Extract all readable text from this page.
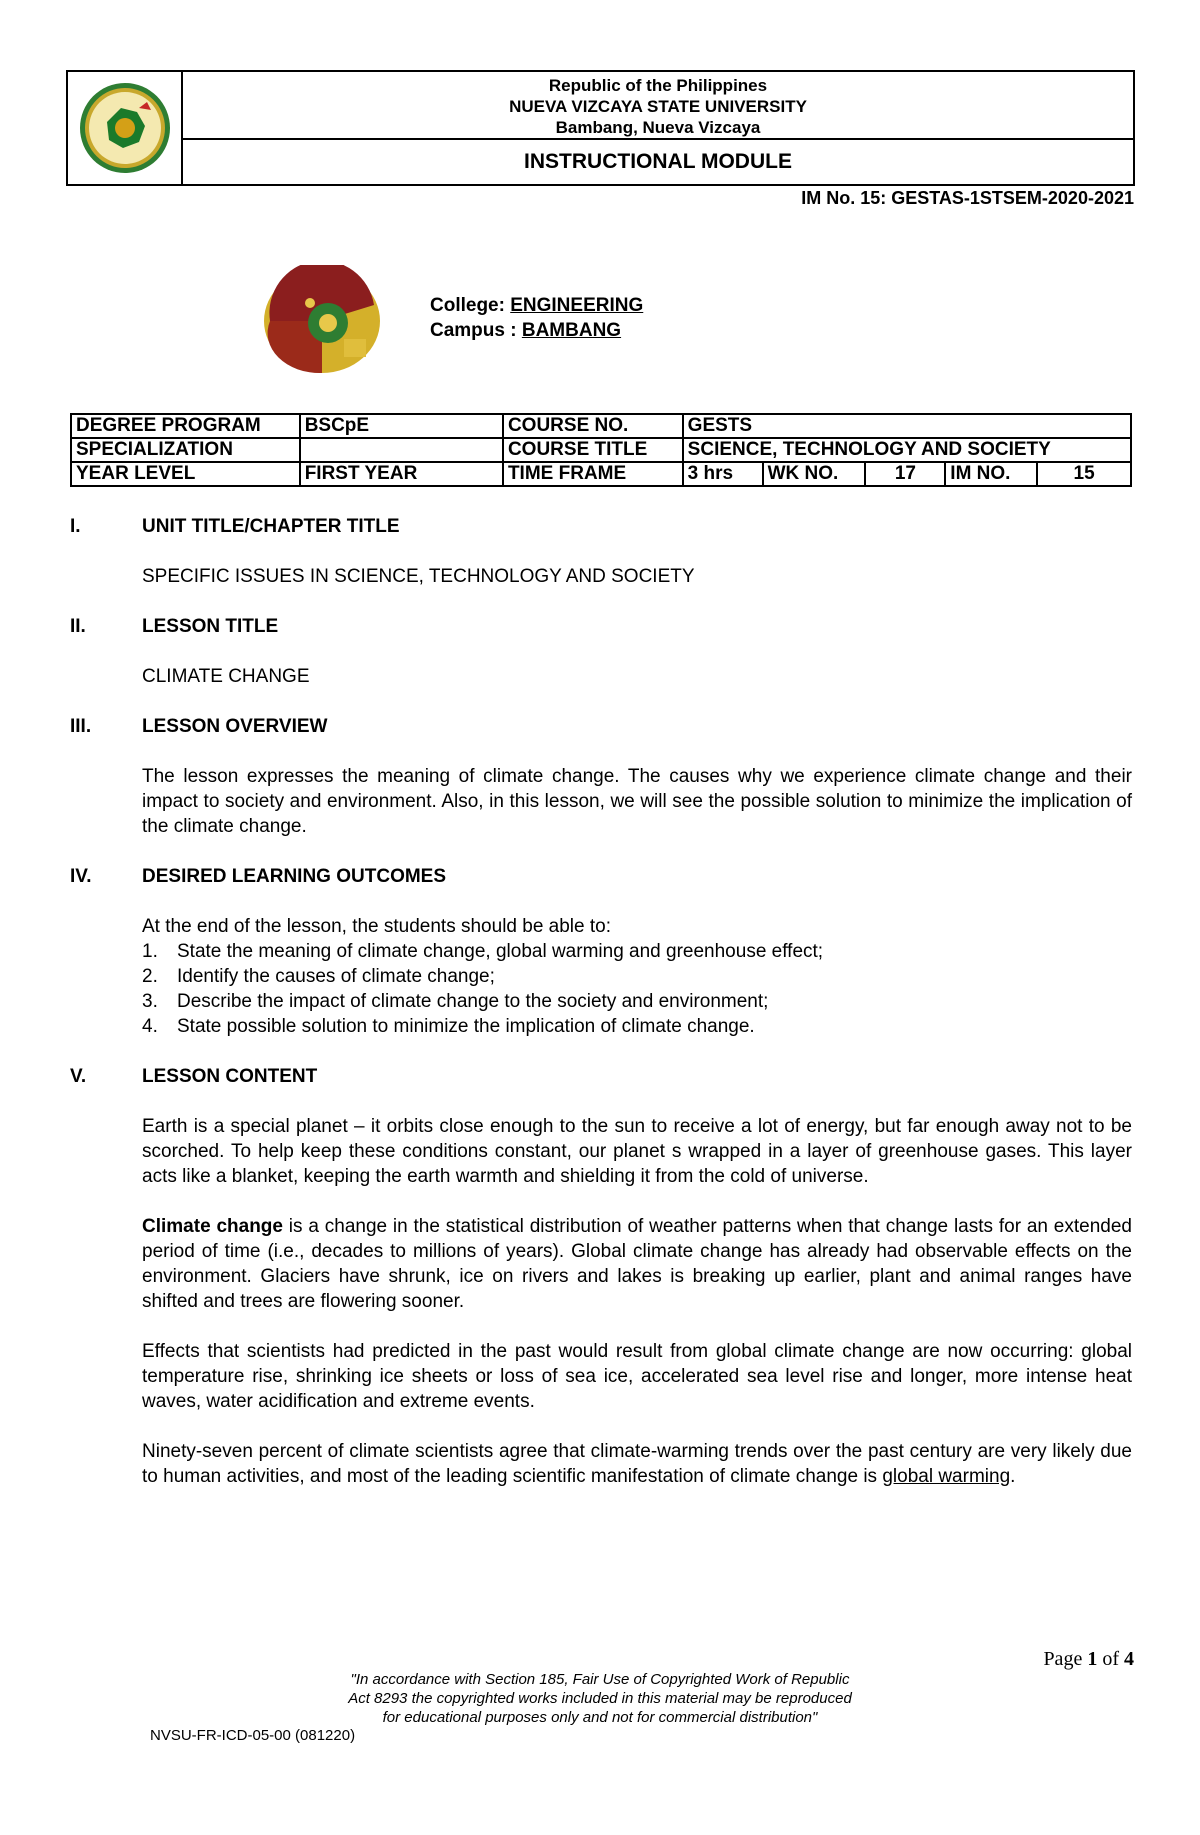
Republic of the Philippines
NUEVA VIZCAYA STATE UNIVERSITY
Bambang, Nueva Vizcaya
INSTRUCTIONAL MODULE
IM No. 15: GESTAS-1STSEM-2020-2021
College: ENGINEERING
Campus : BAMBANG
DEGREE PROGRAM	BSCpE	COURSE NO.	GESTS				
SPECIALIZATION		COURSE TITLE	SCIENCE, TECHNOLOGY AND SOCIETY				
YEAR LEVEL	FIRST YEAR	TIME FRAME	3 hrs	WK NO.	17	IM NO.	15
I.	UNIT TITLE/CHAPTER TITLE
SPECIFIC ISSUES IN SCIENCE, TECHNOLOGY AND SOCIETY
II.	LESSON TITLE
CLIMATE CHANGE
III.	LESSON OVERVIEW
The lesson expresses the meaning of climate change. The causes why we experience climate change and their impact to society and environment. Also, in this lesson, we will see the possible solution to minimize the implication of the climate change.
IV.	DESIRED LEARNING OUTCOMES
At the end of the lesson, the students should be able to:
1.	State the meaning of climate change, global warming and greenhouse effect;
2.	Identify the causes of climate change;
3.	Describe the impact of climate change to the society and environment;
4.	State possible solution to minimize the implication of climate change.
V.	LESSON CONTENT
Earth is a special planet – it orbits close enough to the sun to receive a lot of energy, but far enough away not to be scorched. To help keep these conditions constant, our planet s wrapped in a layer of greenhouse gases. This layer acts like a blanket, keeping the earth warmth and shielding it from the cold of universe.
Climate change is a change in the statistical distribution of weather patterns when that change lasts for an extended period of time (i.e., decades to millions of years). Global climate change has already had observable effects on the environment. Glaciers have shrunk, ice on rivers and lakes is breaking up earlier, plant and animal ranges have shifted and trees are flowering sooner.
Effects that scientists had predicted in the past would result from global climate change are now occurring: global temperature rise, shrinking ice sheets or loss of sea ice, accelerated sea level rise and longer, more intense heat waves, water acidification and extreme events.
Ninety-seven percent of climate scientists agree that climate-warming trends over the past century are very likely due to human activities, and most of the leading scientific manifestation of climate change is global warming.
Page 1 of 4
"In accordance with Section 185, Fair Use of Copyrighted Work of Republic
Act 8293 the copyrighted works included in this material may be reproduced
for educational purposes only and not for commercial distribution"
NVSU-FR-ICD-05-00 (081220)
